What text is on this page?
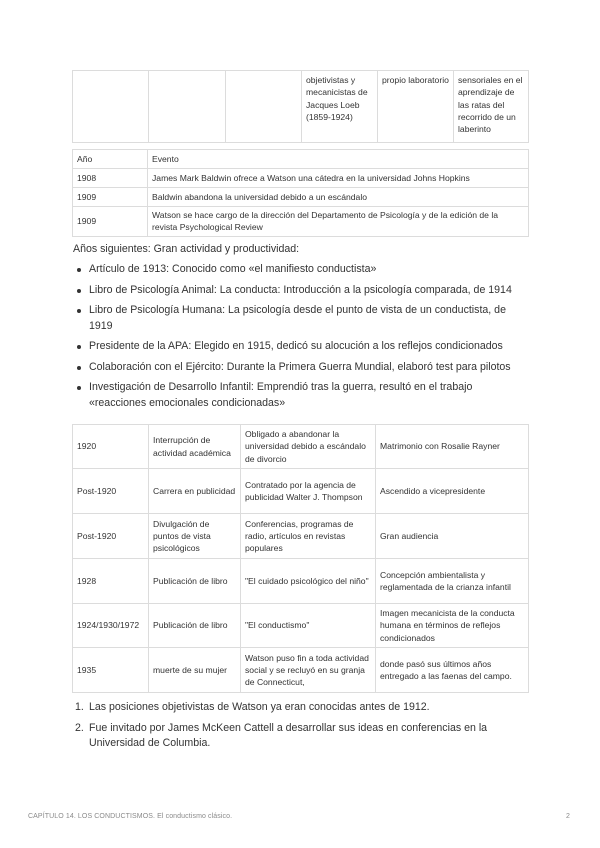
			objetivistas y mecanicistas de Jacques Loeb (1859-1924)	propio laboratorio	sensoriales en el aprendizaje de las ratas del recorrido de un laberinto
Año	Evento
1908	James Mark Baldwin ofrece a Watson una cátedra en la universidad Johns Hopkins
1909	Baldwin abandona la universidad debido a un escándalo
1909	Watson se hace cargo de la dirección del Departamento de Psicología y de la edición de la revista Psychological Review
Años siguientes: Gran actividad y productividad:
Artículo de 1913: Conocido como «el manifiesto conductista»
Libro de Psicología Animal: La conducta: Introducción a la psicología comparada, de 1914
Libro de Psicología Humana: La psicología desde el punto de vista de un conductista, de 1919
Presidente de la APA: Elegido en 1915, dedicó su alocución a los reflejos condicionados
Colaboración con el Ejército: Durante la Primera Guerra Mundial, elaboró test para pilotos
Investigación de Desarrollo Infantil: Emprendió tras la guerra, resultó en el trabajo «reacciones emocionales condicionadas»
1920	Interrupción de actividad académica	Obligado a abandonar la universidad debido a escándalo de divorcio	Matrimonio con Rosalie Rayner
Post-1920	Carrera en publicidad	Contratado por la agencia de publicidad Walter J. Thompson	Ascendido a vicepresidente
Post-1920	Divulgación de puntos de vista psicológicos	Conferencias, programas de radio, artículos en revistas populares	Gran audiencia
1928	Publicación de libro	"El cuidado psicológico del niño"	Concepción ambientalista y reglamentada de la crianza infantil
1924/1930/1972	Publicación de libro	"El conductismo"	Imagen mecanicista de la conducta humana en términos de reflejos condicionados
1935	muerte de su mujer	Watson puso fin a toda actividad social y se recluyó en su granja de Connecticut,	donde pasó sus últimos años entregado a las faenas del campo.
1. Las posiciones objetivistas de Watson ya eran conocidas antes de 1912.
2. Fue invitado por James McKeen Cattell a desarrollar sus ideas en conferencias en la Universidad de Columbia.
CAPÍTULO 14. LOS CONDUCTISMOS. El conductismo clásico.	2
